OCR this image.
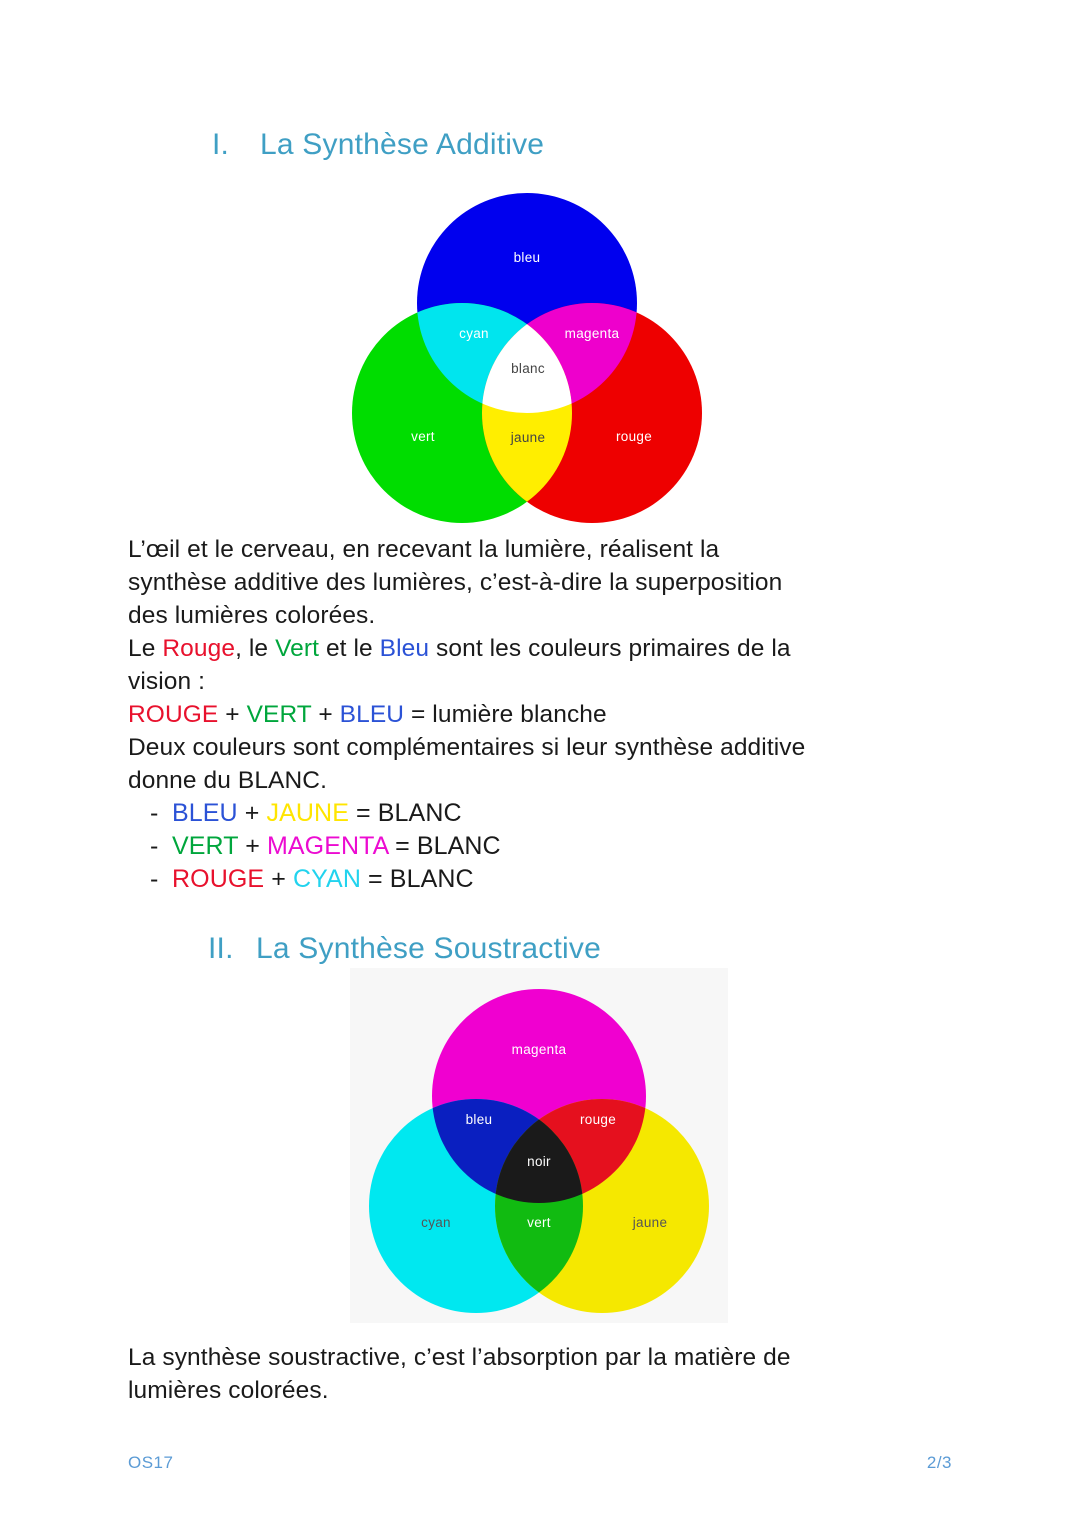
I.	La Synthèse Additive
bleu
cyan	magenta
blanc
vert	jaune	rouge
L’œil et le cerveau, en recevant la lumière, réalisent la
synthèse additive des lumières, c’est-à-dire la superposition
des lumières colorées.
Le Rouge, le Vert et le Bleu sont les couleurs primaires de la
vision :
ROUGE + VERT + BLEU = lumière blanche
Deux couleurs sont complémentaires si leur synthèse additive
donne du BLANC.
- BLEU + JAUNE = BLANC
- VERT + MAGENTA = BLANC
- ROUGE + CYAN = BLANC
II. La Synthèse Soustractive
magenta
bleu	rouge
noir
cyan	vert	jaune
La synthèse soustractive, c’est l’absorption par la matière de
lumières colorées.
OS17	2/3
